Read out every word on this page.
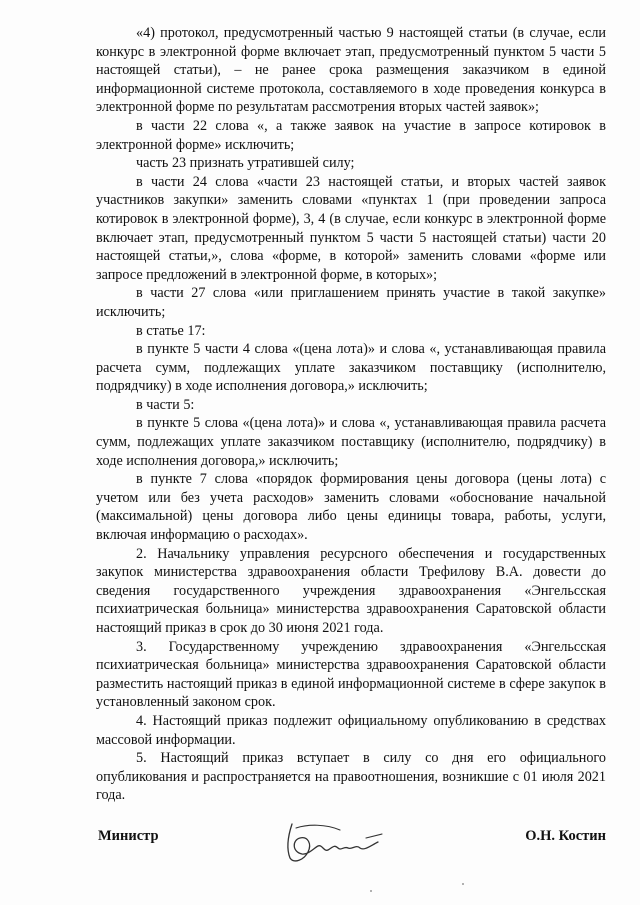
«4) протокол, предусмотренный частью 9 настоящей статьи (в случае, если конкурс в электронной форме включает этап, предусмотренный пунктом 5 части 5 настоящей статьи), – не ранее срока размещения заказчиком в единой информационной системе протокола, составляемого в ходе проведения конкурса в электронной форме по результатам рассмотрения вторых частей заявок»;

в части 22 слова «, а также заявок на участие в запросе котировок в электронной форме» исключить;

часть 23 признать утратившей силу;

в части 24 слова «части 23 настоящей статьи, и вторых частей заявок участников закупки» заменить словами «пунктах 1 (при проведении запроса котировок в электронной форме), 3, 4 (в случае, если конкурс в электронной форме включает этап, предусмотренный пунктом 5 части 5 настоящей статьи) части 20 настоящей статьи,», слова «форме, в которой» заменить словами «форме или запросе предложений в электронной форме, в которых»;

в части 27 слова «или приглашением принять участие в такой закупке» исключить;

в статье 17:

в пункте 5 части 4 слова «(цена лота)» и слова «, устанавливающая правила расчета сумм, подлежащих уплате заказчиком поставщику (исполнителю, подрядчику) в ходе исполнения договора,» исключить;

в части 5:

в пункте 5 слова «(цена лота)» и слова «, устанавливающая правила расчета сумм, подлежащих уплате заказчиком поставщику (исполнителю, подрядчику) в ходе исполнения договора,» исключить;

в пункте 7 слова «порядок формирования цены договора (цены лота) с учетом или без учета расходов» заменить словами «обоснование начальной (максимальной) цены договора либо цены единицы товара, работы, услуги, включая информацию о расходах».

2. Начальнику управления ресурсного обеспечения и государственных закупок министерства здравоохранения области Трефилову В.А. довести до сведения государственного учреждения здравоохранения «Энгельсская психиатрическая больница» министерства здравоохранения Саратовской области настоящий приказ в срок до 30 июня 2021 года.

3. Государственному учреждению здравоохранения «Энгельсская психиатрическая больница» министерства здравоохранения Саратовской области разместить настоящий приказ в единой информационной системе в сфере закупок в установленный законом срок.

4. Настоящий приказ подлежит официальному опубликованию в средствах массовой информации.

5. Настоящий приказ вступает в силу со дня его официального опубликования и распространяется на правоотношения, возникшие с 01 июля 2021 года.

Министр	О.Н. Костин
